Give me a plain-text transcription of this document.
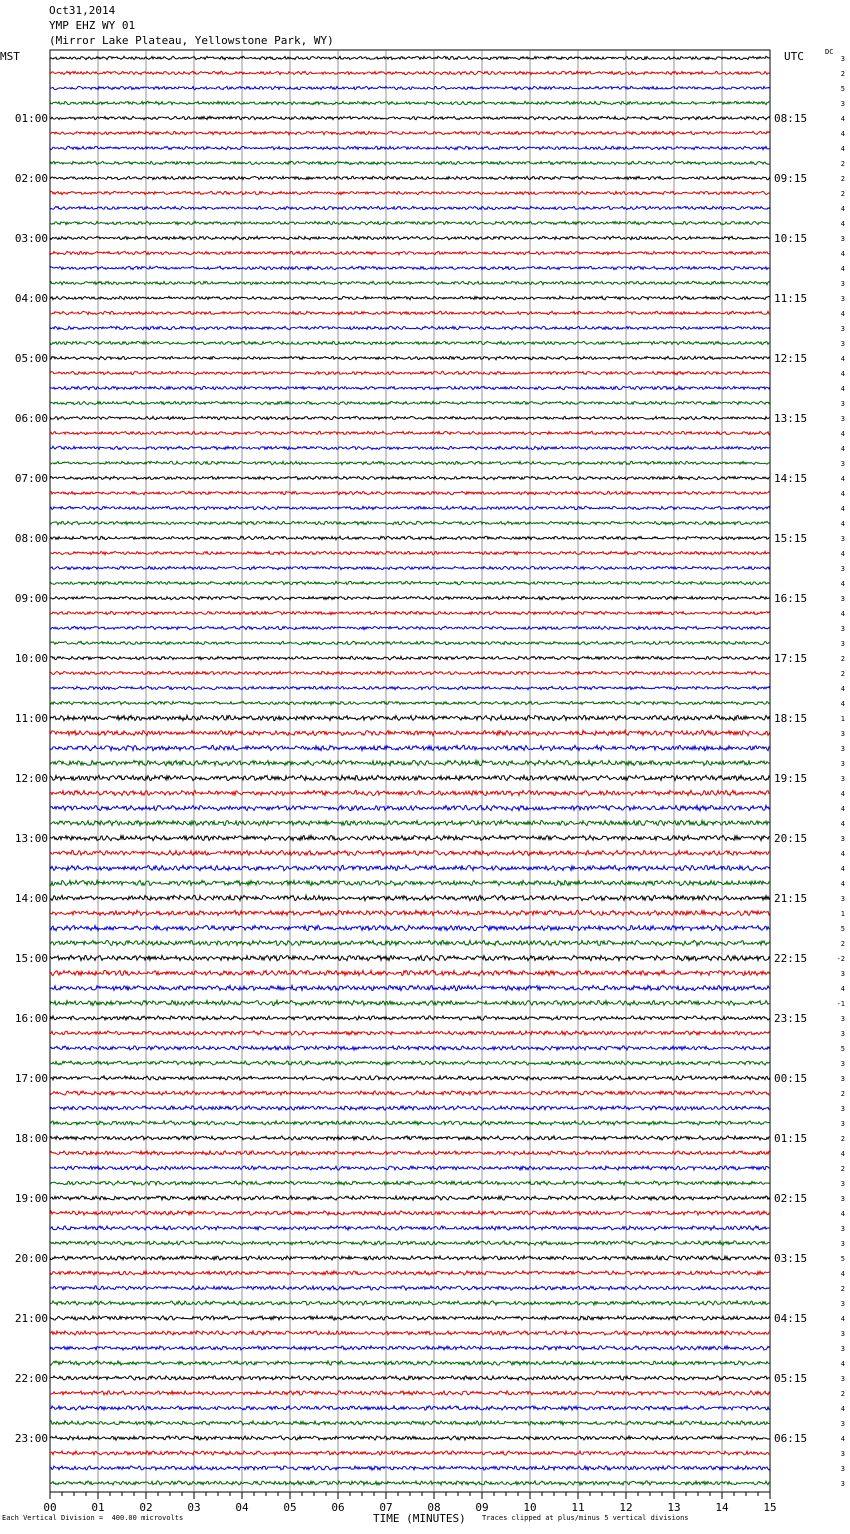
Oct31,2014
YMP EHZ WY 01
(Mirror Lake Plateau, Yellowstone Park, WY)
MST	UTC	DC
01:00
02:00
03:00
04:00
05:00
06:00
07:00
08:00
09:00
10:00
11:00
12:00
13:00
14:00
15:00
16:00
17:00
18:00
19:00
20:00
21:00
22:00
23:00
08:15
09:15
10:15
11:15
12:15
13:15
14:15
15:15
16:15
17:15
18:15
19:15
20:15
21:15
22:15
23:15
00:15
01:15
02:15
03:15
04:15
05:15
06:15
3
2
5
3
4
4
4
2
2
2
4
4
3
4
4
3
3
4
3
3
4
4
4
3
3
4
4
3
4
4
4
4
3
4
3
4
3
4
3
3
2
2
4
4
1
3
3
3
3
4
4
4
3
4
4
4
3
1
5
2
-2
3
4
-1
3
3
5
3
3
2
3
3
2
4
2
3
3
4
3
3
5
4
2
3
4
3
3
4
3
2
4
3
4
3
3
3
00	01	02	03	04	05	06	07	08	09	10	11	12	13	14	15
Each Vertical Division =  400.00 microvolts	TIME (MINUTES) Traces clipped at plus/minus 5 vertical divisions
